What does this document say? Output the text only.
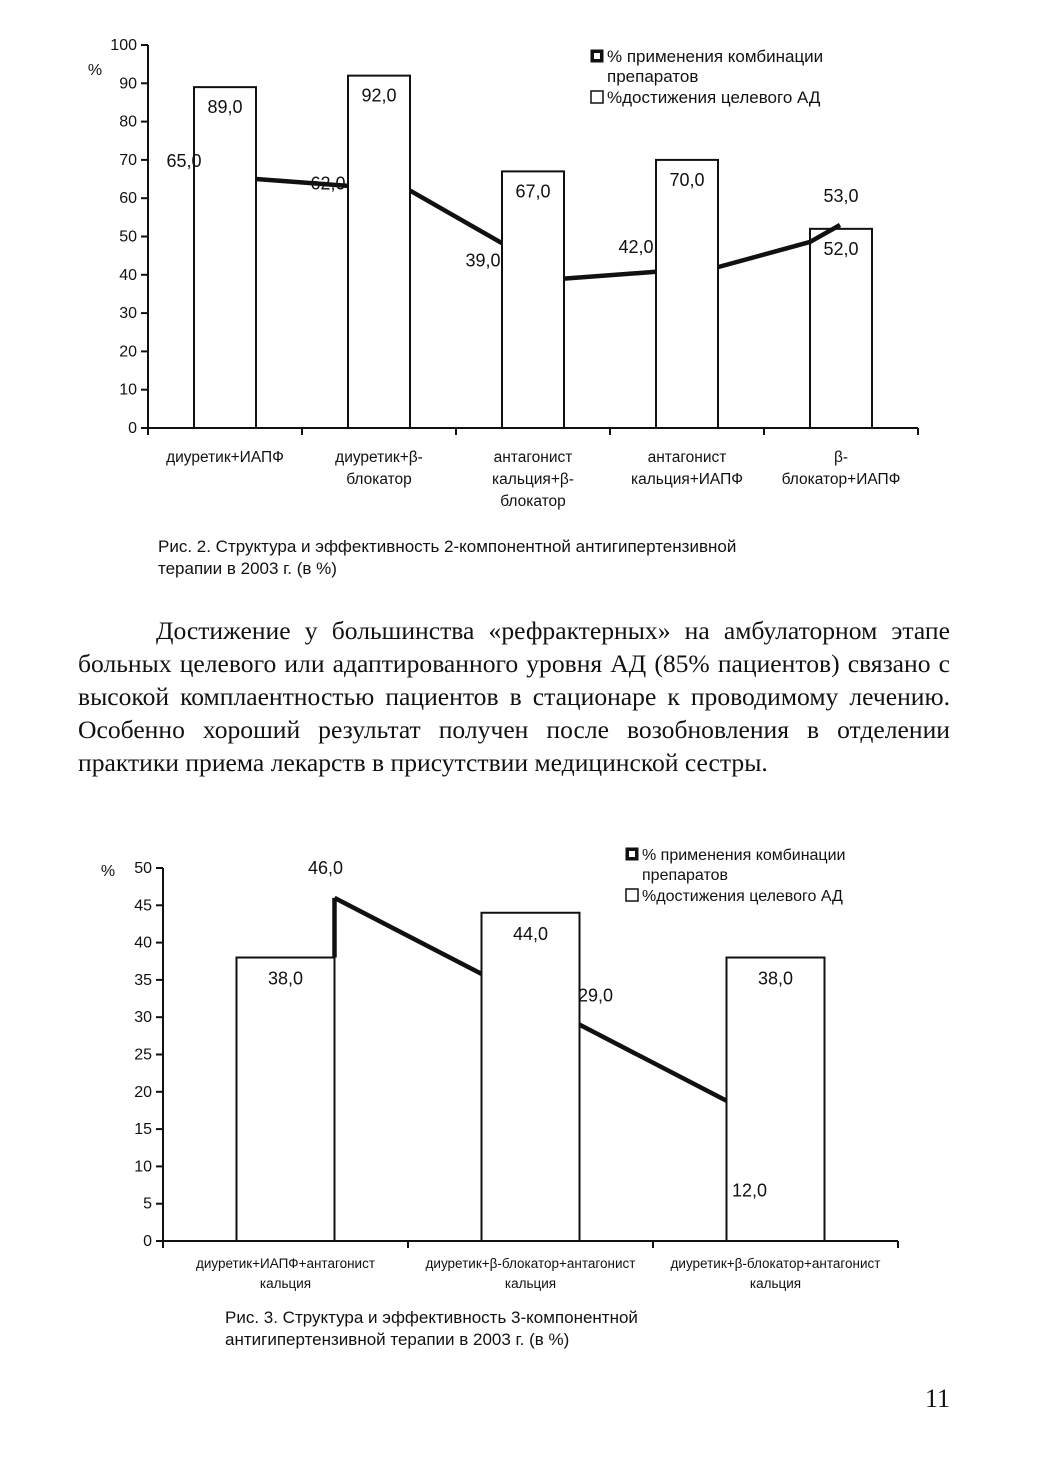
0
10
20
30
40
50
60
70
80
90
100
%
89,0
92,0
67,0
70,0
52,0
65,0
62,0
39,0
42,0
53,0
диуретик+ИАПФ	диуретик+β-
блокатор
антагонист
кальция+β-
блокатор
антагонист
кальция+ИАПФ
β-
блокатор+ИАПФ
% применения комбинации
препаратов
%достижения целевого АД

Рис. 2. Структура и эффективность 2-компонентной антигипертензивной
терапии в 2003 г. (в %)

Достижение у большинства «рефрактерных» на амбулаторном этапе больных целевого или адаптированного уровня АД (85% пациентов) связано с высокой комплаентностью пациентов в стационаре к проводимому лечению. Особенно хороший результат получен после возобновления в отделении практики приема лекарств в присутствии медицинской сестры.

0
5
10
15
20
25
30
35
40
45
50
%
38,0
44,0
38,0
46,0
29,0
12,0
диуретик+ИАПФ+антагонист
кальция
диуретик+β-блокатор+антагонист
кальция
диуретик+β-блокатор+антагонист
кальция
% применения комбинации
препаратов
%достижения целевого АД

Рис. 3. Структура и эффективность 3-компонентной
антигипертензивной терапии в 2003 г. (в %)

11
